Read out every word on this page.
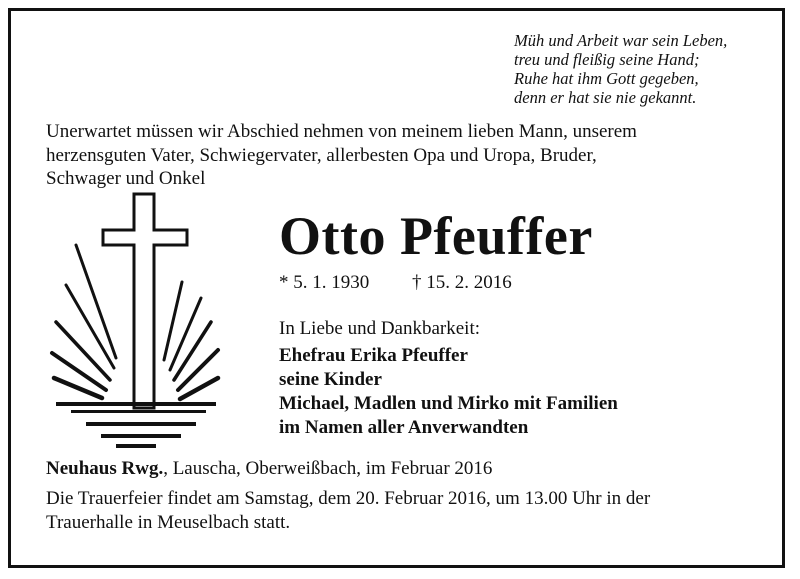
Müh und Arbeit war sein Leben,
treu und fleißig seine Hand;
Ruhe hat ihm Gott gegeben,
denn er hat sie nie gekannt.
Unerwartet müssen wir Abschied nehmen von meinem lieben Mann, unserem
herzensguten Vater, Schwiegervater, allerbesten Opa und Uropa, Bruder,
Schwager und Onkel
Otto Pfeuffer
* 5. 1. 1930 † 15. 2. 2016
In Liebe und Dankbarkeit:
Ehefrau Erika Pfeuffer
seine Kinder
Michael, Madlen und Mirko mit Familien
im Namen aller Anverwandten
Neuhaus Rwg., Lauscha, Oberweißbach, im Februar 2016
Die Trauerfeier findet am Samstag, dem 20. Februar 2016, um 13.00 Uhr in der
Trauerhalle in Meuselbach statt.
